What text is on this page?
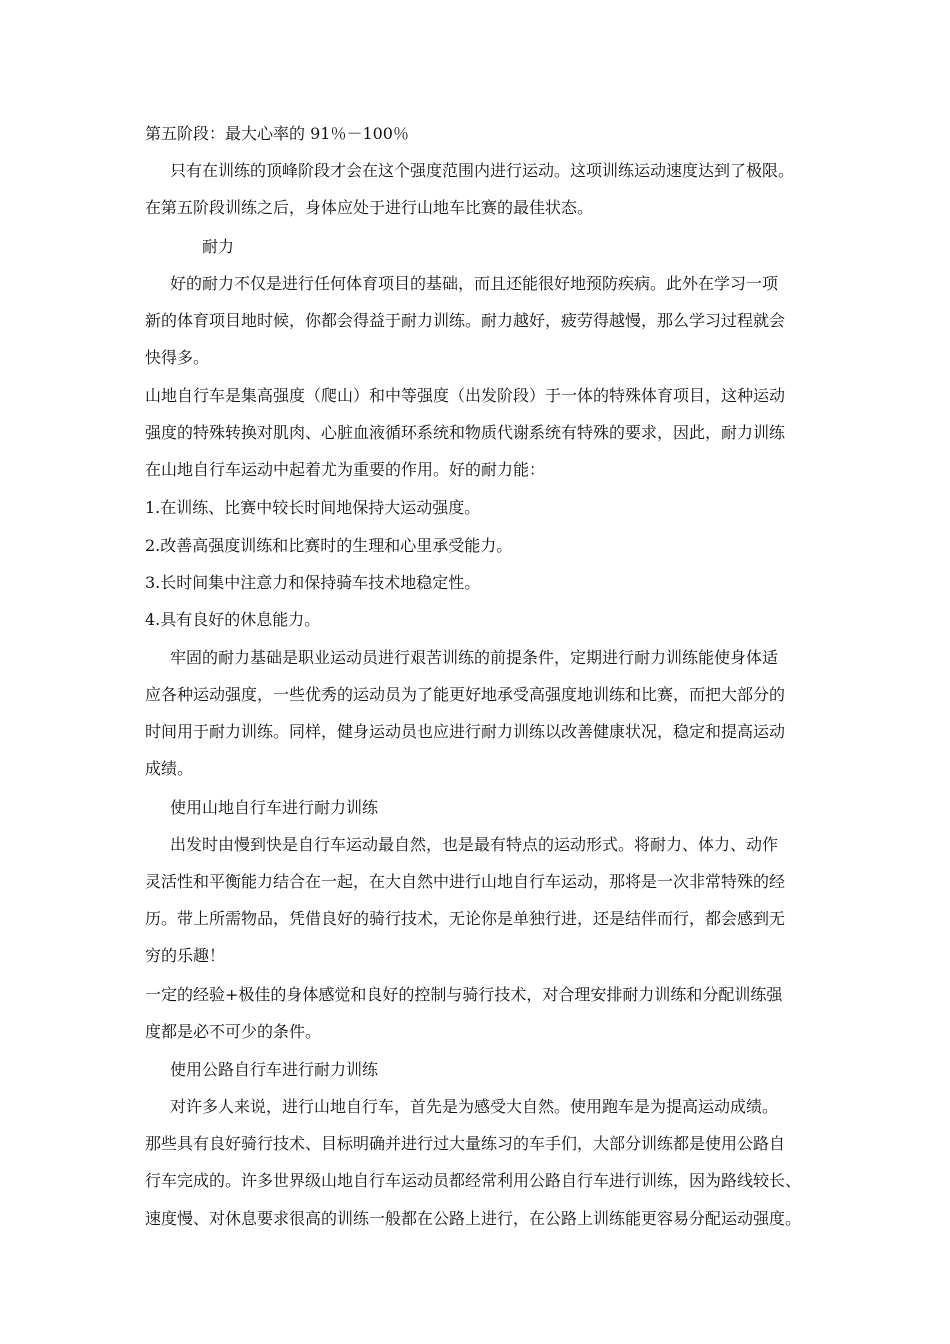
第五阶段：最大心率的 91％－100％
只有在训练的顶峰阶段才会在这个强度范围内进行运动。这项训练运动速度达到了极限。
在第五阶段训练之后，身体应处于进行山地车比赛的最佳状态。
耐力
好的耐力不仅是进行任何体育项目的基础，而且还能很好地预防疾病。此外在学习一项
新的体育项目地时候，你都会得益于耐力训练。耐力越好，疲劳得越慢，那么学习过程就会
快得多。
山地自行车是集高强度（爬山）和中等强度（出发阶段）于一体的特殊体育项目，这种运动
强度的特殊转换对肌肉、心脏血液循环系统和物质代谢系统有特殊的要求，因此，耐力训练
在山地自行车运动中起着尤为重要的作用。好的耐力能：
1.在训练、比赛中较长时间地保持大运动强度。
2.改善高强度训练和比赛时的生理和心里承受能力。
3.长时间集中注意力和保持骑车技术地稳定性。
4.具有良好的休息能力。
牢固的耐力基础是职业运动员进行艰苦训练的前提条件，定期进行耐力训练能使身体适
应各种运动强度，一些优秀的运动员为了能更好地承受高强度地训练和比赛，而把大部分的
时间用于耐力训练。同样，健身运动员也应进行耐力训练以改善健康状况，稳定和提高运动
成绩。
使用山地自行车进行耐力训练
出发时由慢到快是自行车运动最自然，也是最有特点的运动形式。将耐力、体力、动作
灵活性和平衡能力结合在一起，在大自然中进行山地自行车运动，那将是一次非常特殊的经
历。带上所需物品，凭借良好的骑行技术，无论你是单独行进，还是结伴而行，都会感到无
穷的乐趣！
一定的经验+极佳的身体感觉和良好的控制与骑行技术，对合理安排耐力训练和分配训练强
度都是必不可少的条件。
使用公路自行车进行耐力训练
对许多人来说，进行山地自行车，首先是为感受大自然。使用跑车是为提高运动成绩。
那些具有良好骑行技术、目标明确并进行过大量练习的车手们，大部分训练都是使用公路自
行车完成的。许多世界级山地自行车运动员都经常利用公路自行车进行训练，因为路线较长、
速度慢、对休息要求很高的训练一般都在公路上进行，在公路上训练能更容易分配运动强度。
